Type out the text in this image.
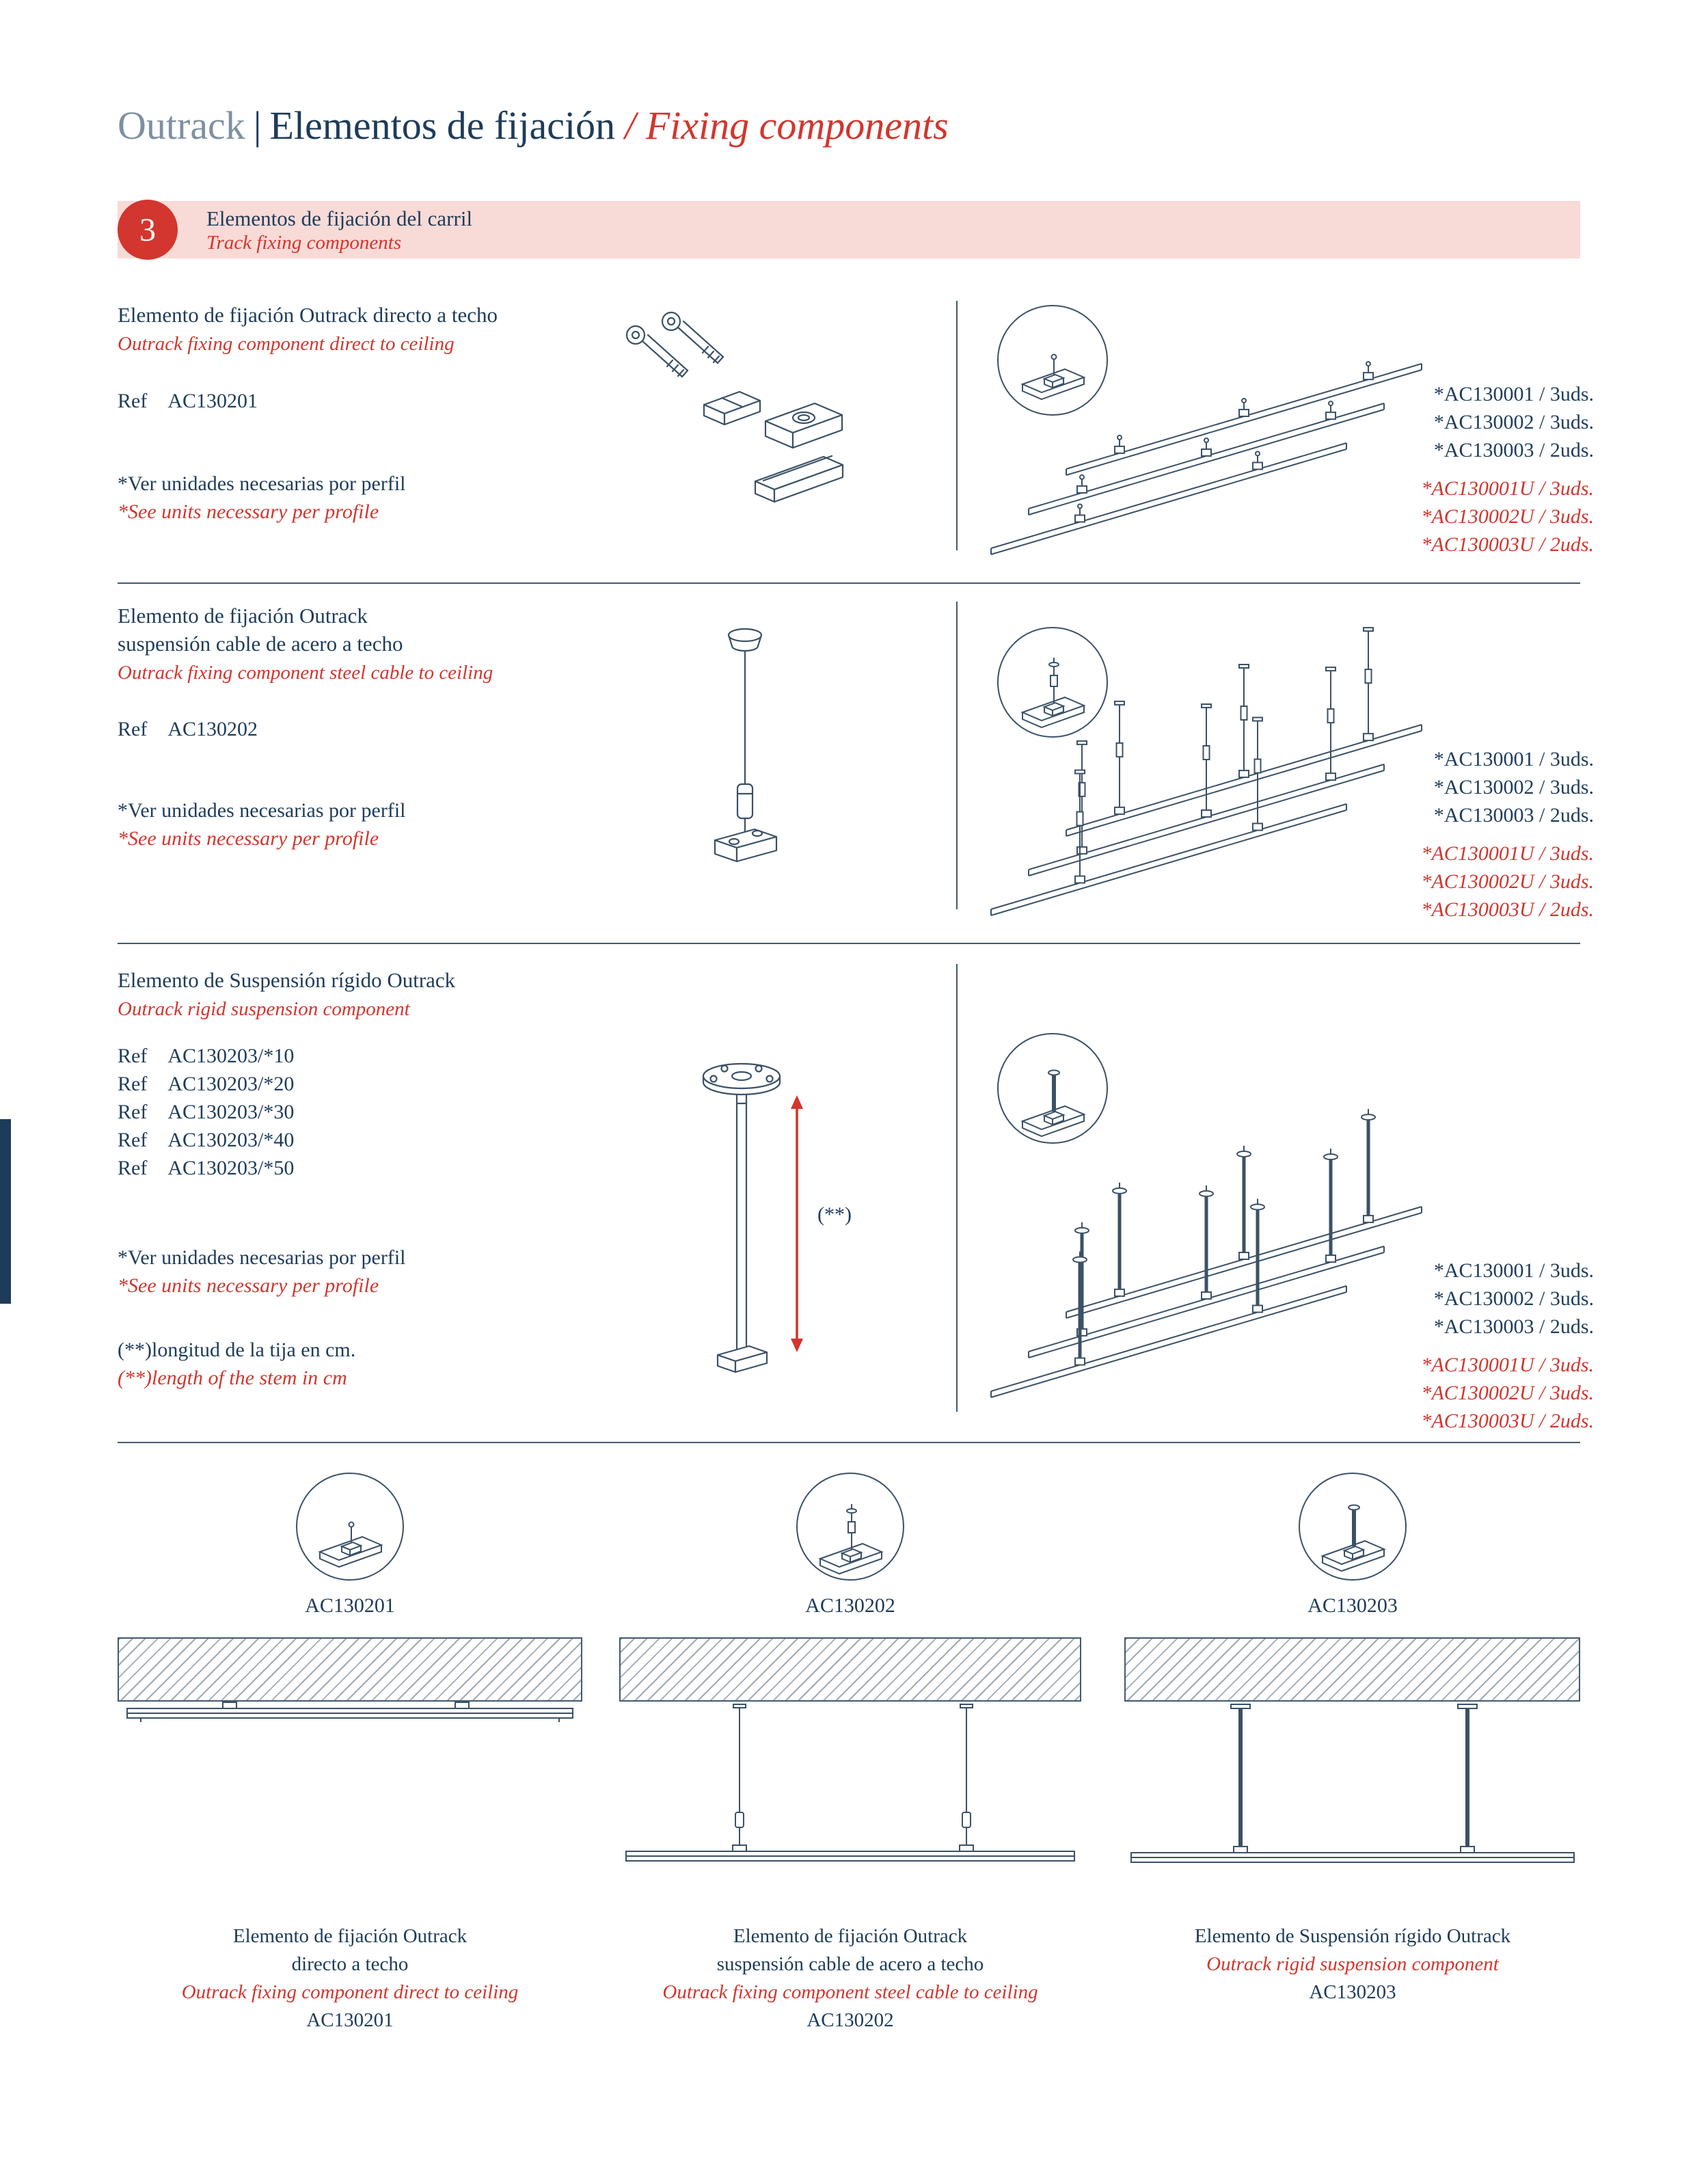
Outrack | Elementos de fijación / Fixing components
3 Elementos de fijación del carril
Track fixing components
Elemento de fijación Outrack directo a techo
Outrack fixing component direct to ceiling
Ref AC130201
*Ver unidades necesarias por perfil
*See units necessary per profile
*AC130001 / 3uds.
*AC130002 / 3uds.
*AC130003 / 2uds.
*AC130001U / 3uds.
*AC130002U / 3uds.
*AC130003U / 2uds.
Elemento de fijación Outrack
suspensión cable de acero a techo
Outrack fixing component steel cable to ceiling
Ref AC130202
*Ver unidades necesarias por perfil
*See units necessary per profile
*AC130001 / 3uds.
*AC130002 / 3uds.
*AC130003 / 2uds.
*AC130001U / 3uds.
*AC130002U / 3uds.
*AC130003U / 2uds.
Elemento de Suspensión rígido Outrack
Outrack rigid suspension component
Ref AC130203/*10
Ref AC130203/*20
Ref AC130203/*30
Ref AC130203/*40
Ref AC130203/*50
*Ver unidades necesarias por perfil
*See units necessary per profile
(**)longitud de la tija en cm.
(**)length of the stem in cm
(**)
*AC130001 / 3uds.
*AC130002 / 3uds.
*AC130003 / 2uds.
*AC130001U / 3uds.
*AC130002U / 3uds.
*AC130003U / 2uds.
AC130201
Elemento de fijación Outrack
directo a techo
Outrack fixing component direct to ceiling
AC130201
AC130202
Elemento de fijación Outrack
suspensión cable de acero a techo
Outrack fixing component steel cable to ceiling
AC130202
AC130203
Elemento de Suspensión rígido Outrack
Outrack rigid suspension component
AC130203
